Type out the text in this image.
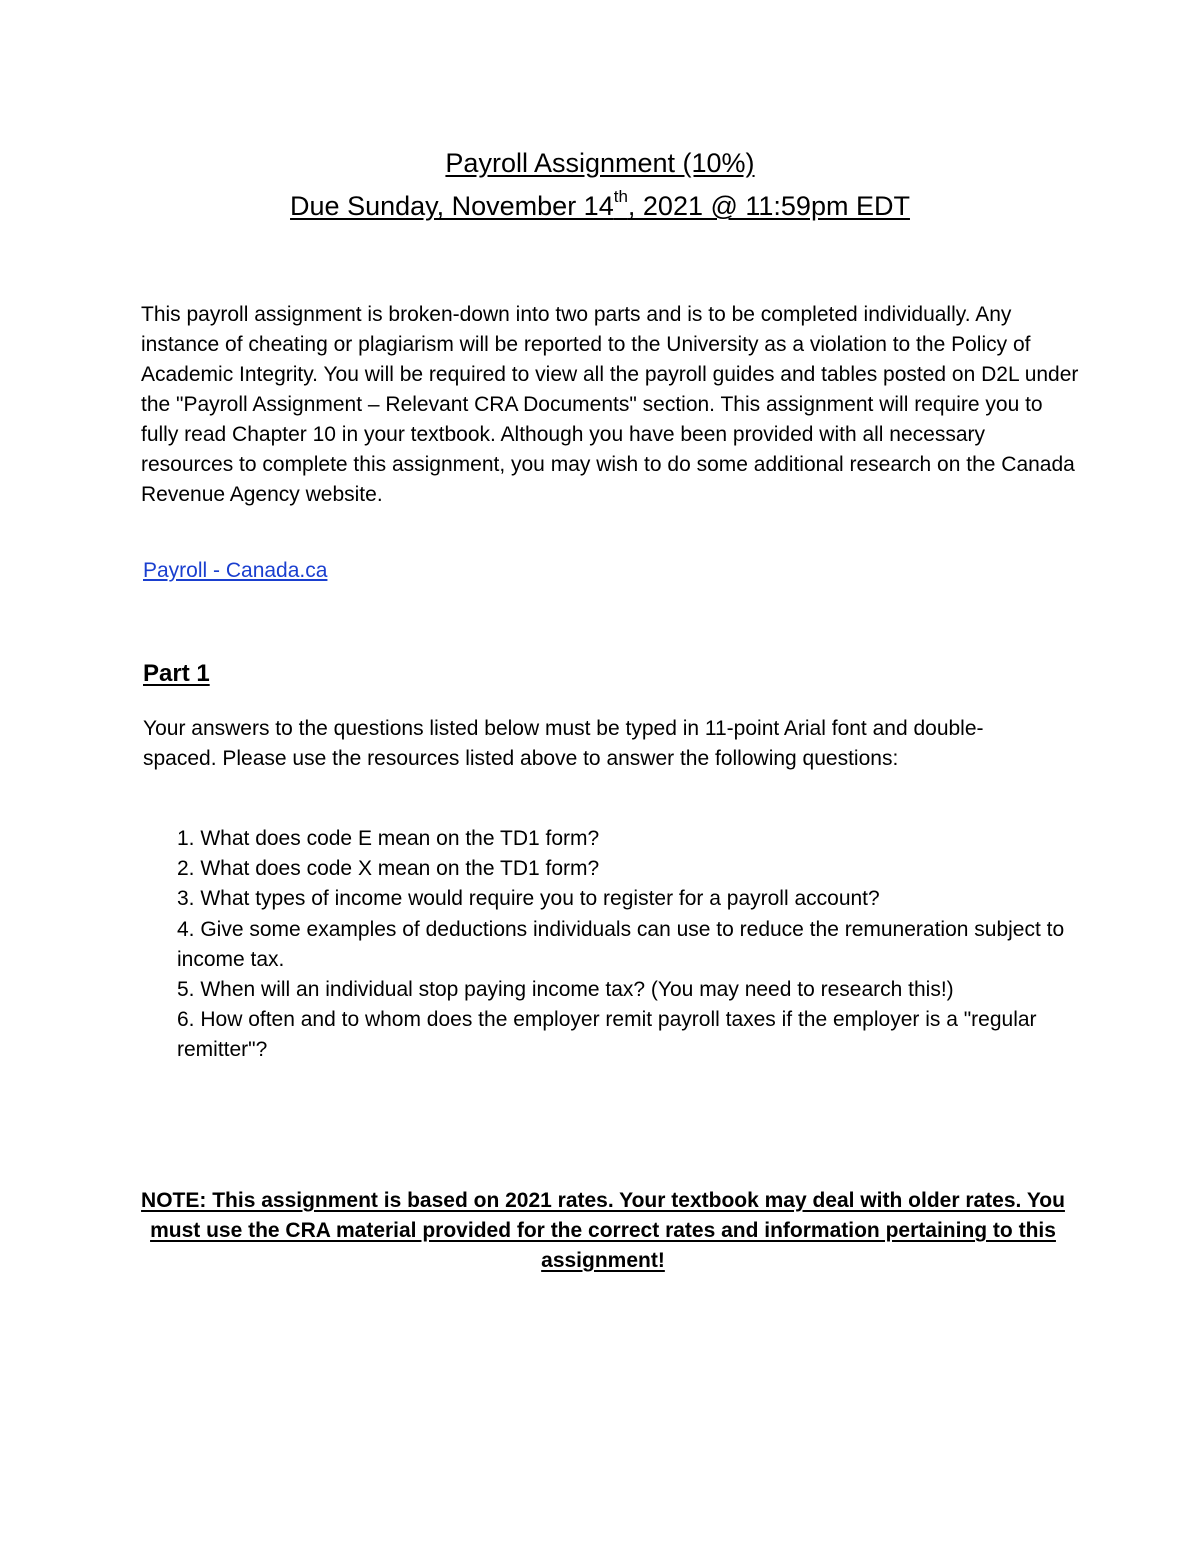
Payroll Assignment (10%)
Due Sunday, November 14th, 2021 @ 11:59pm EDT

This payroll assignment is broken-down into two parts and is to be completed individually. Any instance of cheating or plagiarism will be reported to the University as a violation to the Policy of Academic Integrity. You will be required to view all the payroll guides and tables posted on D2L under the "Payroll Assignment – Relevant CRA Documents" section. This assignment will require you to fully read Chapter 10 in your textbook. Although you have been provided with all necessary resources to complete this assignment, you may wish to do some additional research on the Canada Revenue Agency website.

Payroll - Canada.ca
Part 1

Your answers to the questions listed below must be typed in 11-point Arial font and double-spaced. Please use the resources listed above to answer the following questions:

1. What does code E mean on the TD1 form?
2. What does code X mean on the TD1 form?
3. What types of income would require you to register for a payroll account?
4. Give some examples of deductions individuals can use to reduce the remuneration subject to income tax.
5. When will an individual stop paying income tax? (You may need to research this!)
6. How often and to whom does the employer remit payroll taxes if the employer is a "regular remitter"?

NOTE: This assignment is based on 2021 rates. Your textbook may deal with older rates. You must use the CRA material provided for the correct rates and information pertaining to this assignment!
